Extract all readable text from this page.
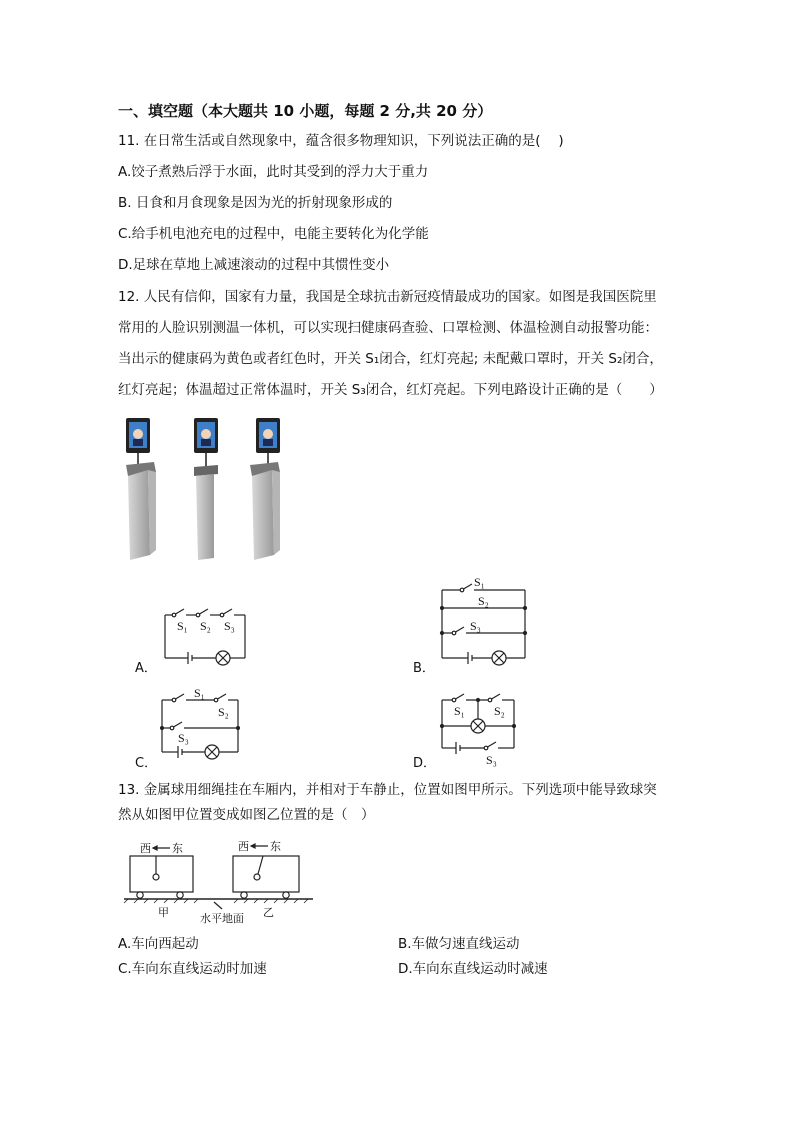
一、填空题（本大题共 10 小题，每题 2 分,共 20 分）
11. 在日常生活或自然现象中，蕴含很多物理知识，下列说法正确的是(　 )
A.饺子煮熟后浮于水面，此时其受到的浮力大于重力
B. 日食和月食现象是因为光的折射现象形成的
C.给手机电池充电的过程中，电能主要转化为化学能
D.足球在草地上减速滚动的过程中其惯性变小
12. 人民有信仰，国家有力量，我国是全球抗击新冠疫情最成功的国家。如图是我国医院里
常用的人脸识别测温一体机，可以实现扫健康码查验、口罩检测、体温检测自动报警功能：
当出示的健康码为黄色或者红色时，开关 S₁闭合，红灯亮起; 未配戴口罩时，开关 S₂闭合，
红灯亮起；体温超过正常体温时，开关 S₃闭合，红灯亮起。下列电路设计正确的是（　　）
S₁ S₂ S₃
A．
S₁
S₂
S₃
B．
S₁
S₂
S₃
C．
S₁ S₂
S₃
D．
13. 金属球用细绳挂在车厢内，并相对于车静止，位置如图甲所示。下列选项中能导致球突
然从如图甲位置变成如图乙位置的是（　）
西 东	西 东
甲	水平地面 乙
A.车向西起动	B.车做匀速直线运动
C.车向东直线运动时加速	D.车向东直线运动时减速
